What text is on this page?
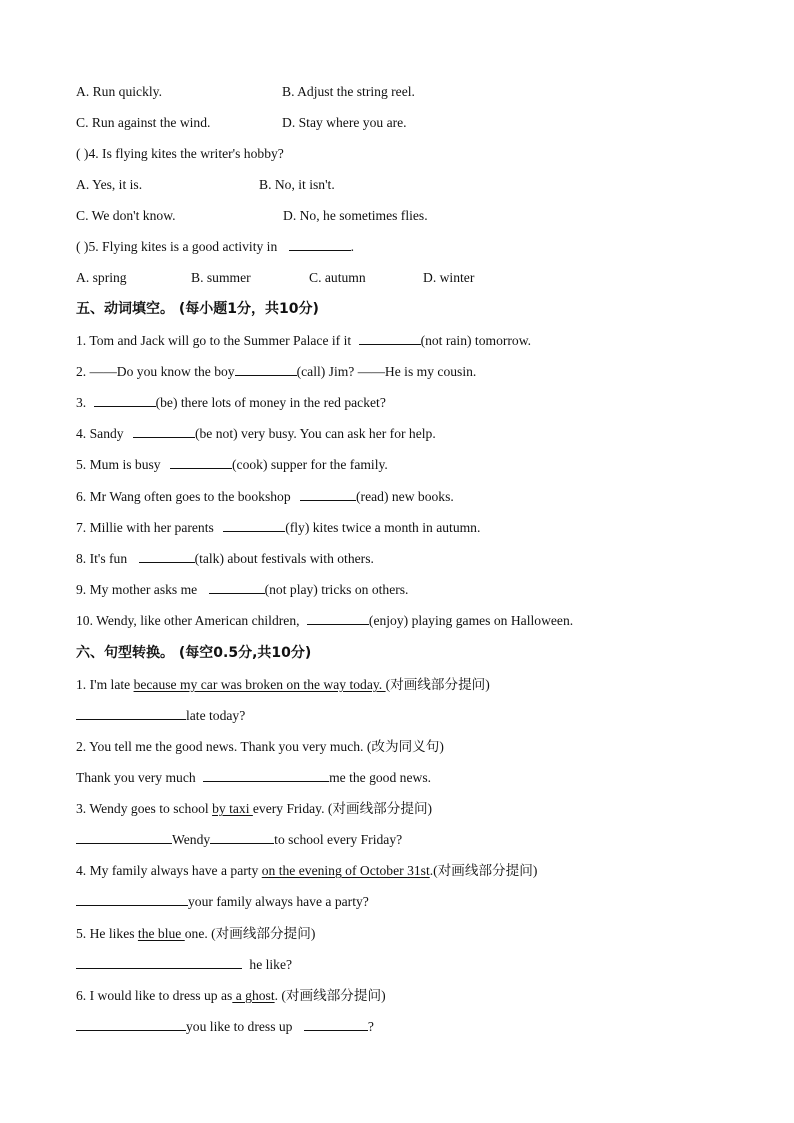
A. Run quickly.	B. Adjust the string reel.
C. Run against the wind.	D. Stay where you are.
( )4. Is flying kites the writer's hobby?
A. Yes, it is.	B. No, it isn't.
C. We don't know.	D. No, he sometimes flies.
( )5. Flying kites is a good activity in	.
A. spring	B. summer	C. autumn	D. winter
五、动词填空。 (每小题1分，共10分)
1. Tom and Jack will go to the Summer Palace if it	(not rain) tomorrow.
2. ——Do you know the boy	(call) Jim? ——He is my cousin.
3.	(be) there lots of money in the red packet?
4. Sandy	(be not) very busy. You can ask her for help.
5. Mum is busy	(cook) supper for the family.
6. Mr Wang often goes to the bookshop	(read) new books.
7. Millie with her parents	(fly) kites twice a month in autumn.
8. It's fun	(talk) about festivals with others.
9. My mother asks me	(not play) tricks on others.
10. Wendy, like other American children,	(enjoy) playing games on Halloween.
六、句型转换。 (每空0.5分,共10分)
1. I'm late because my car was broken on the way today. (对画线部分提问)
late today?
2. You tell me the good news. Thank you very much. (改为同义句)
Thank you very much	me the good news.
3. Wendy goes to school by taxi every Friday. (对画线部分提问)
Wendy	to school every Friday?
4. My family always have a party on the evening of October 31st.(对画线部分提问)
your family always have a party?
5. He likes the blue one. (对画线部分提问)
he like?
6. I would like to dress up as a ghost. (对画线部分提问)
you like to dress up	?
